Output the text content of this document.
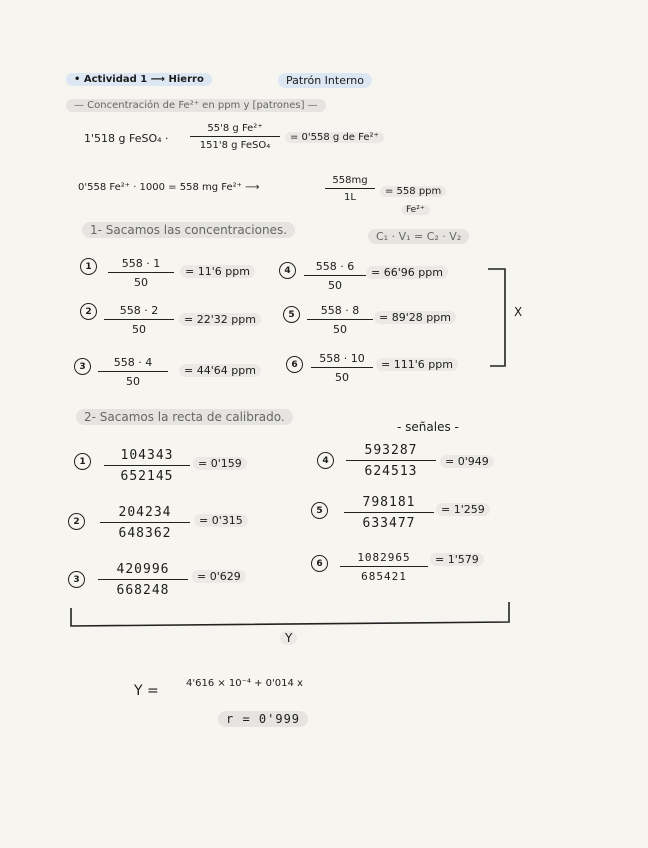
• Actividad 1 ⟶ Hierro	Patrón Interno
— Concentración de Fe²⁺ en ppm y [patrones] —
1'518 g FeSO₄ ·
55'8 g Fe²⁺
151'8 g FeSO₄
= 0'558 g de Fe²⁺
0'558 Fe²⁺ · 1000 = 558 mg Fe²⁺ ⟶
558mg
1L
= 558 ppm
Fe²⁺
1- Sacamos las concentraciones.	C₁ · V₁ = C₂ · V₂
1	558 · 1
50
= 11'6 ppm	4	558 · 6
50
= 66'96 ppm
2	558 · 2
50
= 22'32 ppm	5	558 · 8
50
= 89'28 ppm
3	558 · 4
50
= 44'64 ppm	6	558 · 10
50
= 111'6 ppm
X
2- Sacamos la recta de calibrado.
- señales -
1	104343
652145
= 0'159	4
593287
624513
= 0'949
2
204234
648362
= 0'315
5
798181
633477
= 1'259
3
420996
668248
= 0'629
6	1082965
685421
= 1'579
Y
Y =	4'616 × 10⁻⁴ + 0'014 x
r = 0'999
